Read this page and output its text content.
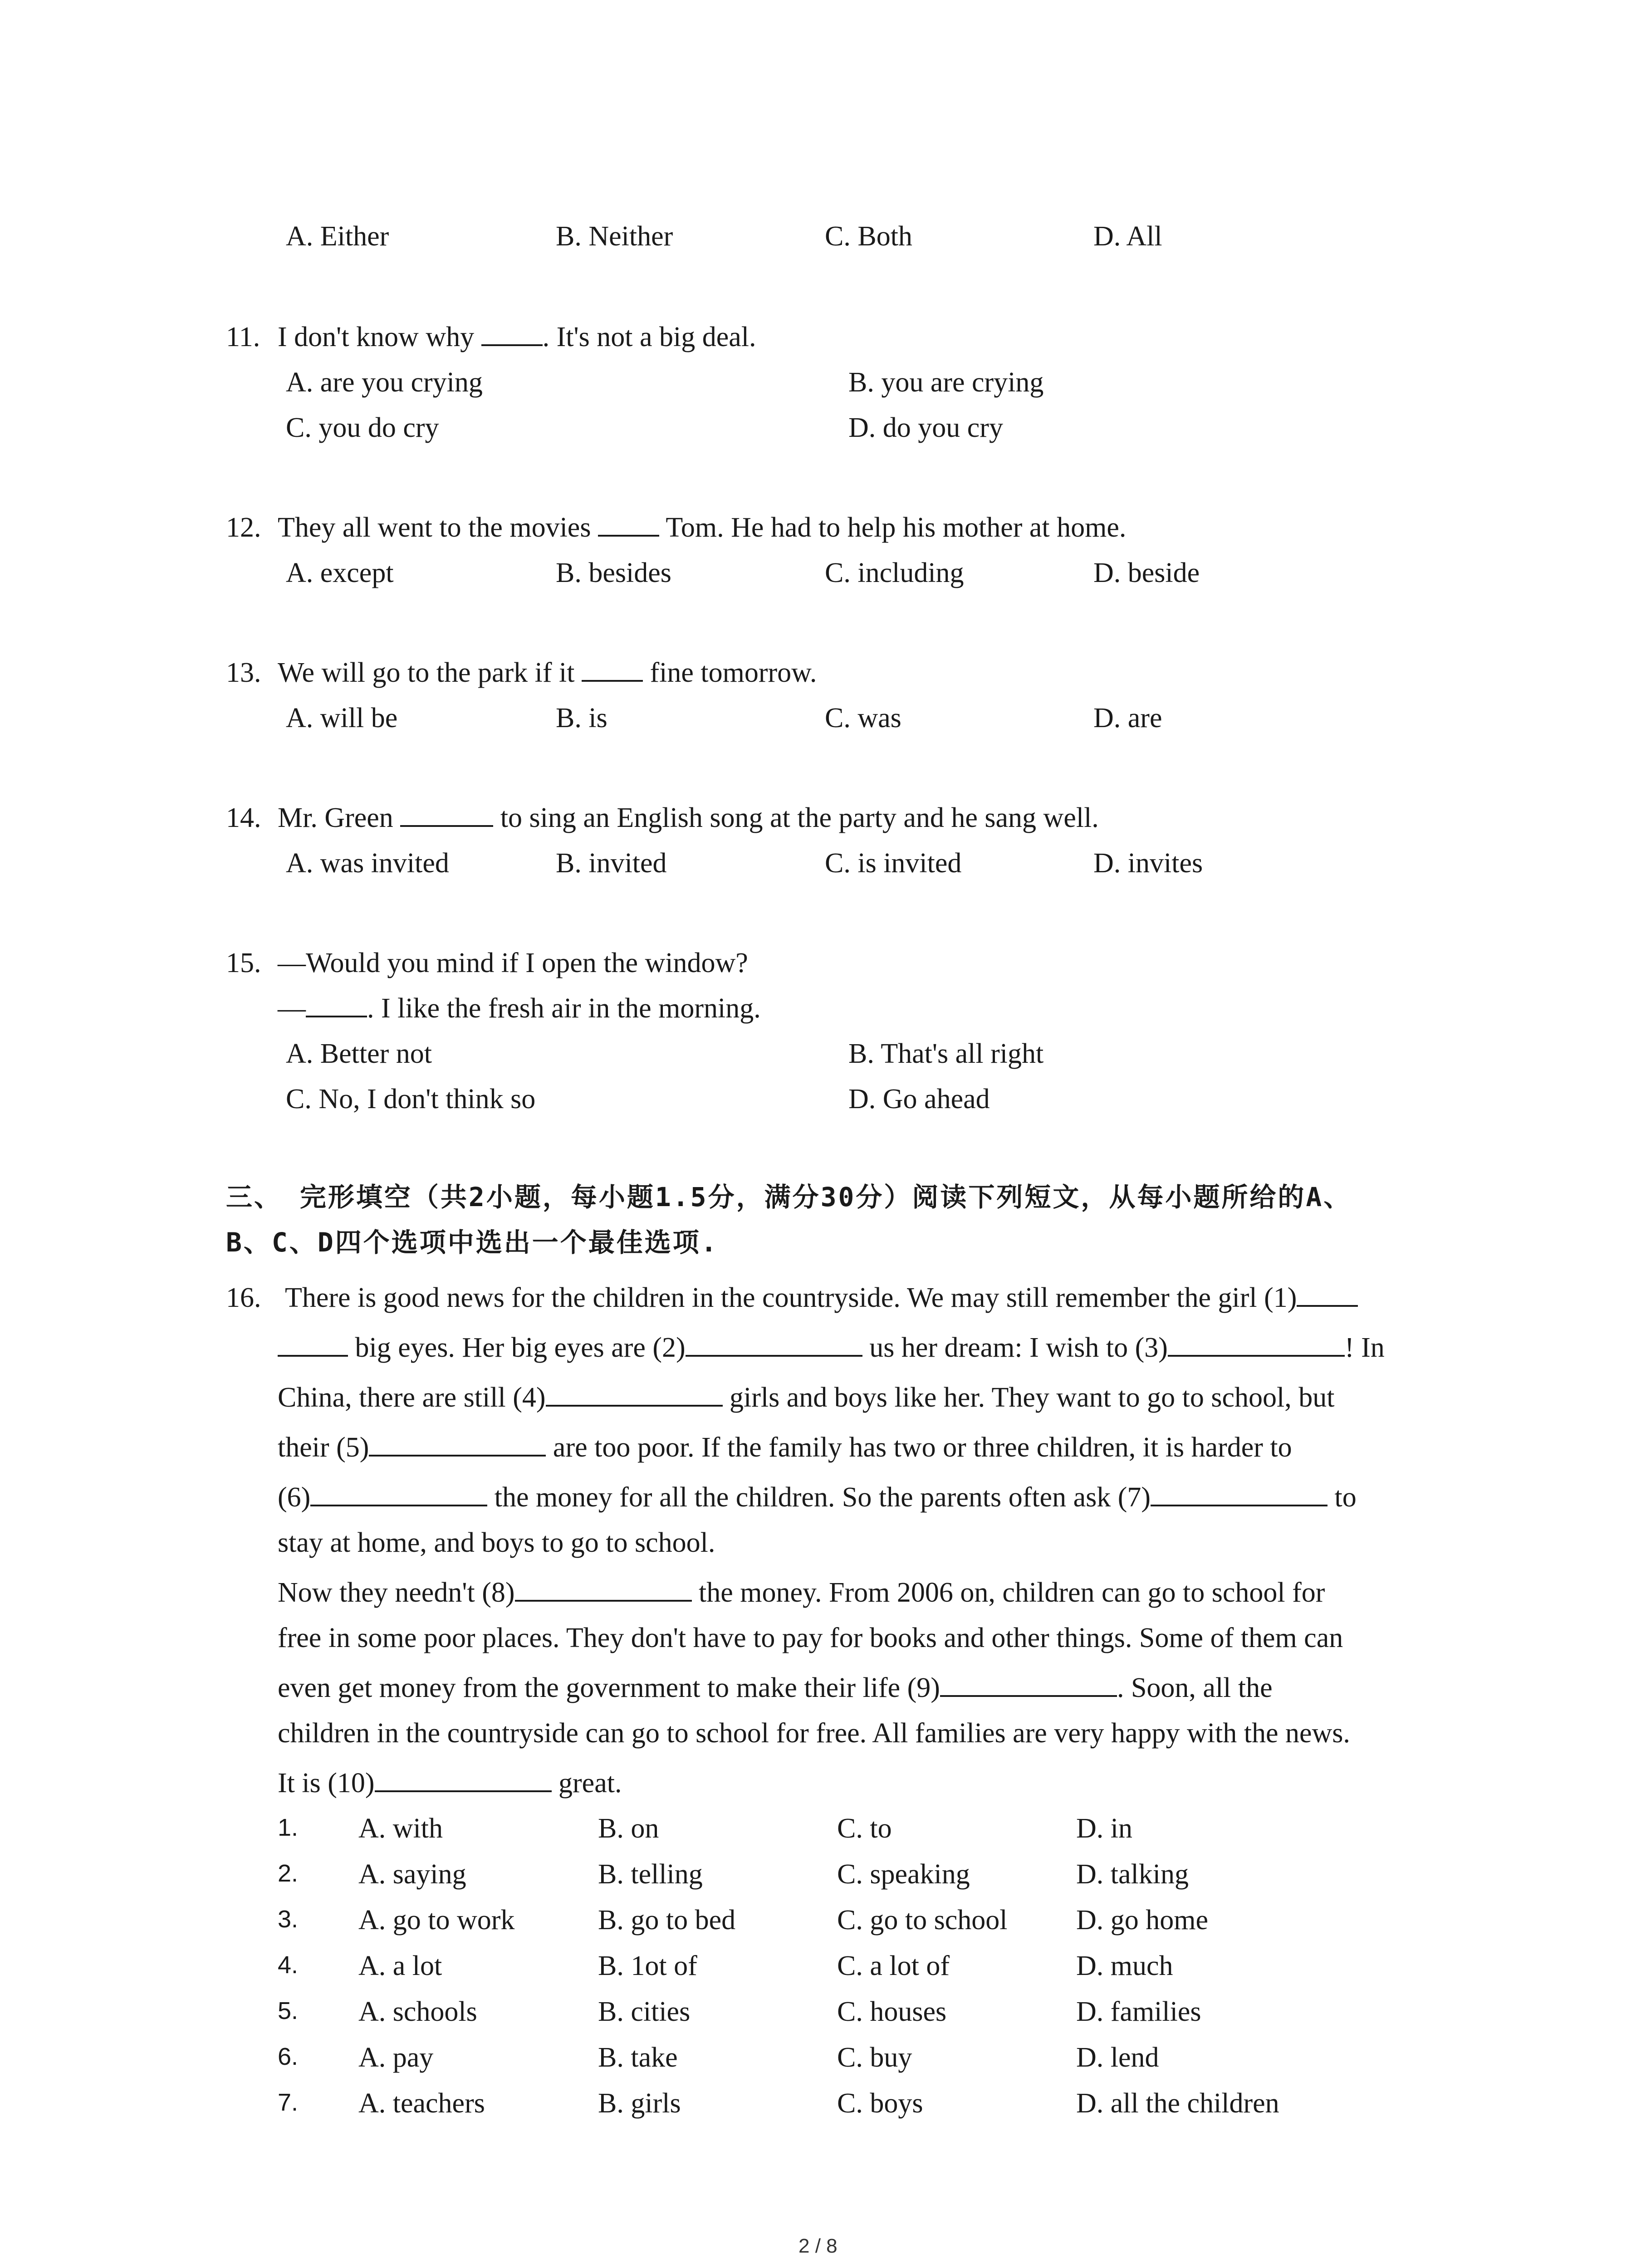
A. Either	B. Neither	C. Both	D. All
11. I don't know why . It's not a big deal.
A. are you crying	B. you are crying
C. you do cry	D. do you cry
12. They all went to the movies  Tom. He had to help his mother at home.
A. except	B. besides	C. including	D. beside
13. We will go to the park if it  fine tomorrow.
A. will be	B. is	C. was	D. are
14. Mr. Green	to sing an English song at the party and he sang well.
A. was invited	B. invited	C. is invited	D. invites
15. —Would you mind if I open the window?
— . I like the fresh air in the morning.
A. Better not	B. That's all right
C. No, I don't think so	D. Go ahead
三、 完形填空（共2小题，每小题1.5分，满分30分）阅读下列短文，从每小题所给的A、
B、C、D四个选项中选出一个最佳选项.
16. There is good news for the children in the countryside. We may still remember the girl (1)
big eyes. Her big eyes are (2)	us her dream: I wish to (3)	! In
China, there are still (4)	girls and boys like her. They want to go to school, but
their (5)	are too poor. If the family has two or three children, it is harder to
(6)	the money for all the children. So the parents often ask (7)	to
stay at home, and boys to go to school.
Now they needn't (8)	the money. From 2006 on, children can go to school for
free in some poor places. They don't have to pay for books and other things. Some of them can
even get money from the government to make their life (9)	. Soon, all the
children in the countryside can go to school for free. All families are very happy with the news.
It is (10)	great.
1. A. with	B. on	C. to	D. in
2. A. saying	B. telling	C. speaking	D. talking
3. A. go to work	B. go to bed	C. go to school D. go home
4. A. a lot	B. 1ot of	C. a lot of	D. much
5. A. schools	B. cities	C. houses	D. families
6. A. pay	B. take	C. buy	D. lend
7. A. teachers	B. girls	C. boys	D. all the children
2 / 8
